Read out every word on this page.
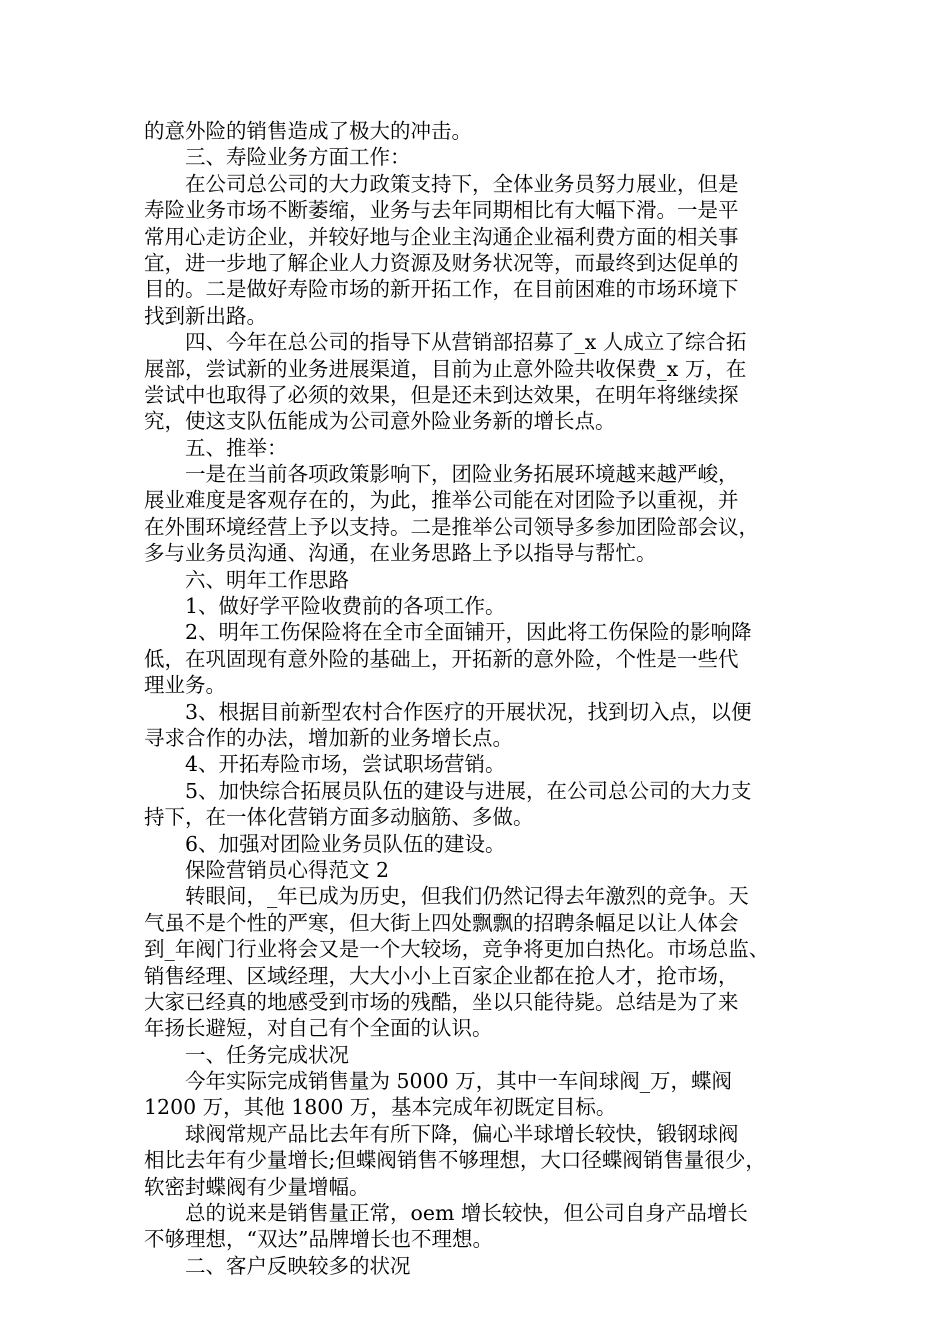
的意外险的销售造成了极大的冲击。
　　三、寿险业务方面工作：
　　在公司总公司的大力政策支持下，全体业务员努力展业，但是
寿险业务市场不断萎缩，业务与去年同期相比有大幅下滑。一是平
常用心走访企业，并较好地与企业主沟通企业福利费方面的相关事
宜，进一步地了解企业人力资源及财务状况等，而最终到达促单的
目的。二是做好寿险市场的新开拓工作，在目前困难的市场环境下
找到新出路。
　　四、今年在总公司的指导下从营销部招募了_x 人成立了综合拓
展部，尝试新的业务进展渠道，目前为止意外险共收保费_x 万，在
尝试中也取得了必须的效果，但是还未到达效果，在明年将继续探
究，使这支队伍能成为公司意外险业务新的增长点。
　　五、推举：
　　一是在当前各项政策影响下，团险业务拓展环境越来越严峻，
展业难度是客观存在的，为此，推举公司能在对团险予以重视，并
在外围环境经营上予以支持。二是推举公司领导多参加团险部会议，
多与业务员沟通、沟通，在业务思路上予以指导与帮忙。
　　六、明年工作思路
　　1、做好学平险收费前的各项工作。
　　2、明年工伤保险将在全市全面铺开，因此将工伤保险的影响降
低，在巩固现有意外险的基础上，开拓新的意外险，个性是一些代
理业务。
　　3、根据目前新型农村合作医疗的开展状况，找到切入点，以便
寻求合作的办法，增加新的业务增长点。
　　4、开拓寿险市场，尝试职场营销。
　　5、加快综合拓展员队伍的建设与进展，在公司总公司的大力支
持下，在一体化营销方面多动脑筋、多做。
　　6、加强对团险业务员队伍的建设。
　　保险营销员心得范文 2
　　转眼间，_年已成为历史，但我们仍然记得去年激烈的竞争。天
气虽不是个性的严寒，但大街上四处飘飘的招聘条幅足以让人体会
到_年阀门行业将会又是一个大较场，竞争将更加白热化。市场总监、
销售经理、区域经理，大大小小上百家企业都在抢人才，抢市场，
大家已经真的地感受到市场的残酷，坐以只能待毙。总结是为了来
年扬长避短，对自己有个全面的认识。
　　一、任务完成状况
　　今年实际完成销售量为 5000 万，其中一车间球阀_万，蝶阀
1200 万，其他 1800 万，基本完成年初既定目标。
　　球阀常规产品比去年有所下降，偏心半球增长较快，锻钢球阀
相比去年有少量增长;但蝶阀销售不够理想，大口径蝶阀销售量很少，
软密封蝶阀有少量增幅。
　　总的说来是销售量正常，oem 增长较快，但公司自身产品增长
不够理想，“双达”品牌增长也不理想。
　　二、客户反映较多的状况
